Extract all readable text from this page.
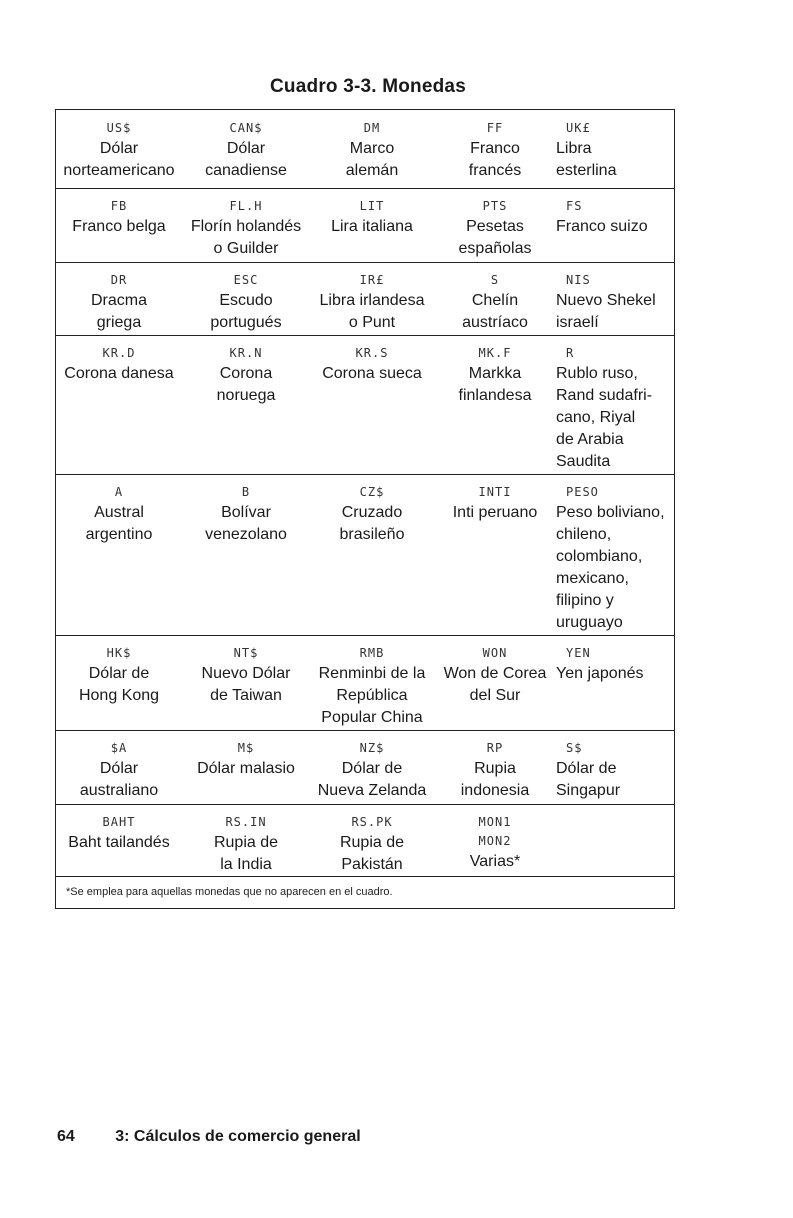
Cuadro 3-3. Monedas
US$
Dólar
norteamericano
CAN$
Dólar
canadiense
DM
Marco
alemán
FF
Franco
francés
UK£
Libra
esterlina
FB
Franco belga
FL.H
Florín holandés
o Guilder
LIT
Lira italiana
PTS
Pesetas
españolas
FS
Franco suizo
DR
Dracma
griega
ESC
Escudo
portugués
IR£
Libra irlandesa
o Punt
S
Chelín
austríaco
NIS
Nuevo Shekel
israelí
KR.D
Corona danesa
KR.N
Corona
noruega
KR.S
Corona sueca
MK.F
Markka
finlandesa
R
Rublo ruso,
Rand sudafri-
cano, Riyal
de Arabia
Saudita
A
Austral
argentino
B
Bolívar
venezolano
CZ$
Cruzado
brasileño
INTI
Inti peruano
PESO
Peso boliviano,
chileno,
colombiano,
mexicano,
filipino y
uruguayo
HK$
Dólar de
Hong Kong
NT$
Nuevo Dólar
de Taiwan
RMB
Renminbi de la
República
Popular China
WON
Won de Corea
del Sur
YEN
Yen japonés
$A
Dólar
australiano
M$
Dólar malasio
NZ$
Dólar de
Nueva Zelanda
RP
Rupia
indonesia
S$
Dólar de
Singapur
BAHT
Baht tailandés
RS.IN
Rupia de
la India
RS.PK
Rupia de
Pakistán
MON1
MON2
Varias*
*Se emplea para aquellas monedas que no aparecen en el cuadro.
64	3: Cálculos de comercio general
